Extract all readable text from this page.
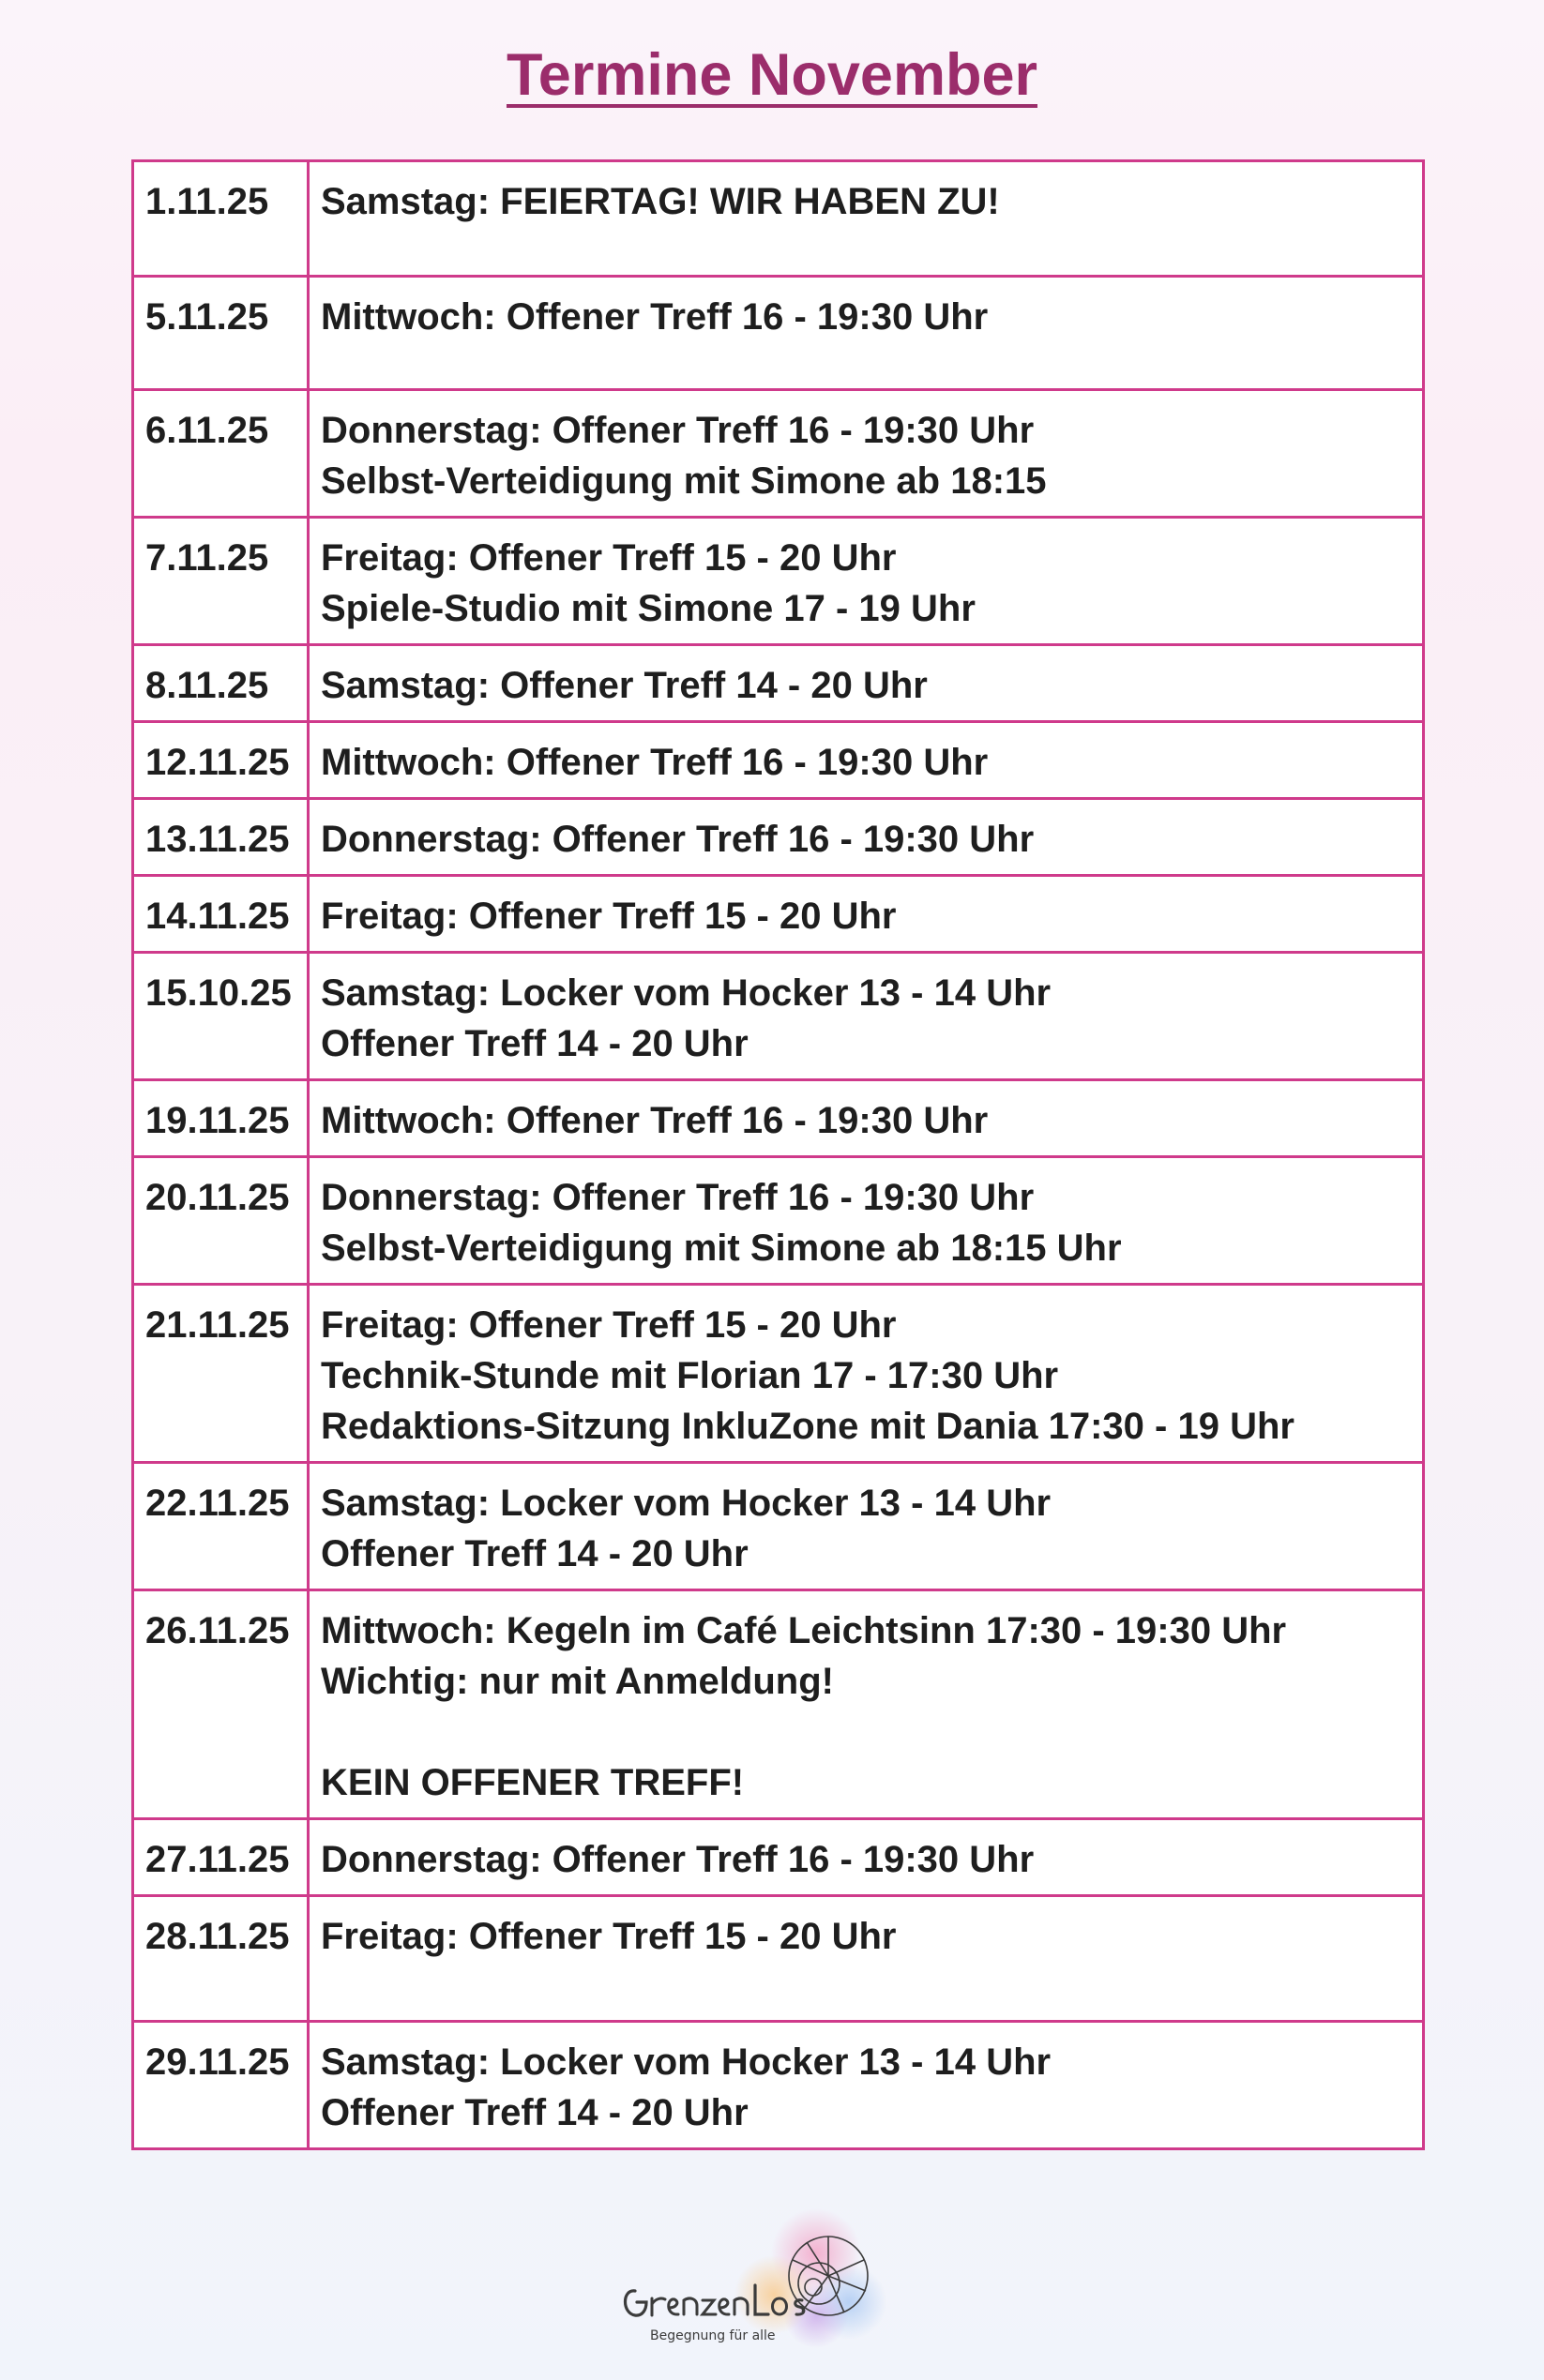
Termine November
1.11.25	Samstag: FEIERTAG! WIR HABEN ZU!

5.11.25	Mittwoch: Offener Treff 16 - 19:30 Uhr

6.11.25	Donnerstag: Offener Treff 16 - 19:30 Uhr
Selbst-Verteidigung mit Simone ab 18:15

7.11.25	Freitag: Offener Treff 15 - 20 Uhr
Spiele-Studio mit Simone 17 - 19 Uhr

8.11.25	Samstag: Offener Treff 14 - 20 Uhr

12.11.25	Mittwoch: Offener Treff 16 - 19:30 Uhr

13.11.25	Donnerstag: Offener Treff 16 - 19:30 Uhr

14.11.25	Freitag: Offener Treff 15 - 20 Uhr

15.10.25	Samstag: Locker vom Hocker 13 - 14 Uhr
Offener Treff 14 - 20 Uhr

19.11.25	Mittwoch: Offener Treff 16 - 19:30 Uhr

20.11.25	Donnerstag: Offener Treff 16 - 19:30 Uhr
Selbst-Verteidigung mit Simone ab 18:15 Uhr

21.11.25	Freitag: Offener Treff 15 - 20 Uhr
Technik-Stunde mit Florian 17 - 17:30 Uhr
Redaktions-Sitzung InkluZone mit Dania 17:30 - 19 Uhr

22.11.25	Samstag: Locker vom Hocker 13 - 14 Uhr
Offener Treff 14 - 20 Uhr

26.11.25	Mittwoch: Kegeln im Café Leichtsinn 17:30 - 19:30 Uhr
Wichtig: nur mit Anmeldung!
KEIN OFFENER TREFF!

27.11.25	Donnerstag: Offener Treff 16 - 19:30 Uhr

28.11.25	Freitag: Offener Treff 15 - 20 Uhr

29.11.25	Samstag: Locker vom Hocker 13 - 14 Uhr
Offener Treff 14 - 20 Uhr
Begegnung für alle
